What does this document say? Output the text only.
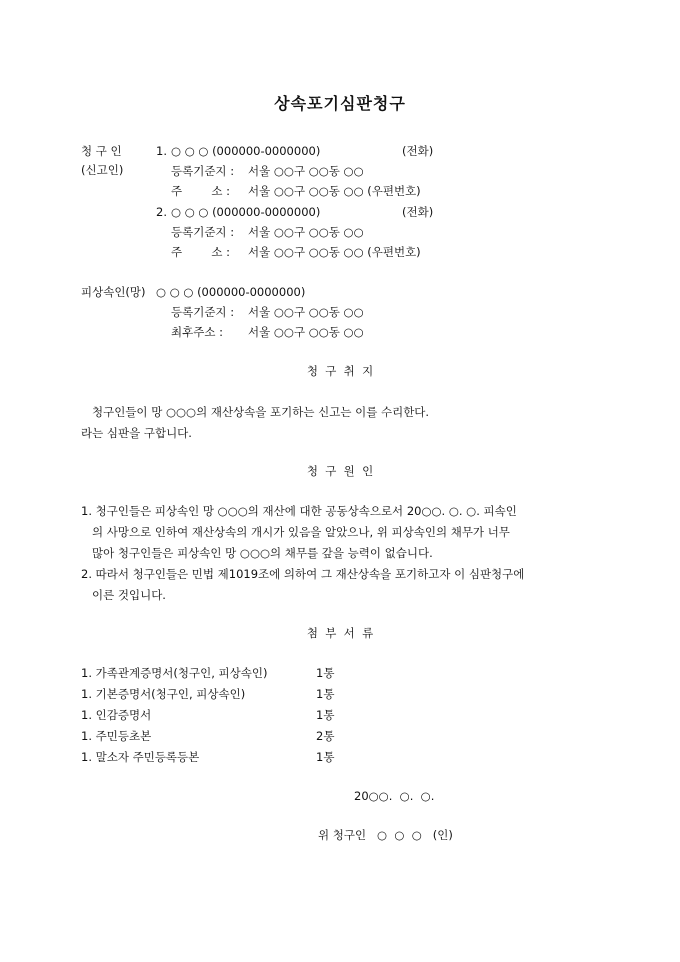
상속포기심판청구
청 구 인
(신고인)
1. ○ ○ ○ (000000-0000000)	(전화)
등록기준지 : 서울 ○○구 ○○동 ○○
주        소 : 서울 ○○구 ○○동 ○○ (우편번호)
2. ○ ○ ○ (000000-0000000)	(전화)
등록기준지 : 서울 ○○구 ○○동 ○○
주        소 : 서울 ○○구 ○○동 ○○ (우편번호)
피상속인(망) ○ ○ ○ (000000-0000000)
등록기준지 : 서울 ○○구 ○○동 ○○
최후주소 : 서울 ○○구 ○○동 ○○
청  구  취  지
청구인들이 망 ○○○의 재산상속을 포기하는 신고는 이를 수리한다.
라는 심판을 구합니다.
청  구  원  인
1. 청구인들은 피상속인 망 ○○○의 재산에 대한 공동상속으로서 20○○. ○. ○. 피속인
의 사망으로 인하여 재산상속의 개시가 있음을 알았으나, 위 피상속인의 채무가 너무
많아 청구인들은 피상속인 망 ○○○의 채무를 갚을 능력이 없습니다.
2. 따라서 청구인들은 민법 제1019조에 의하여 그 재산상속을 포기하고자 이 심판청구에
이른 것입니다.
첨  부  서  류
1. 가족관계증명서(청구인, 피상속인)	1통
1. 기본증명서(청구인, 피상속인)	1통
1. 인감증명서	1통
1. 주민등초본	2통
1. 말소자 주민등록등본	1통
20○○.  ○.  ○.
위 청구인   ○  ○  ○   (인)
